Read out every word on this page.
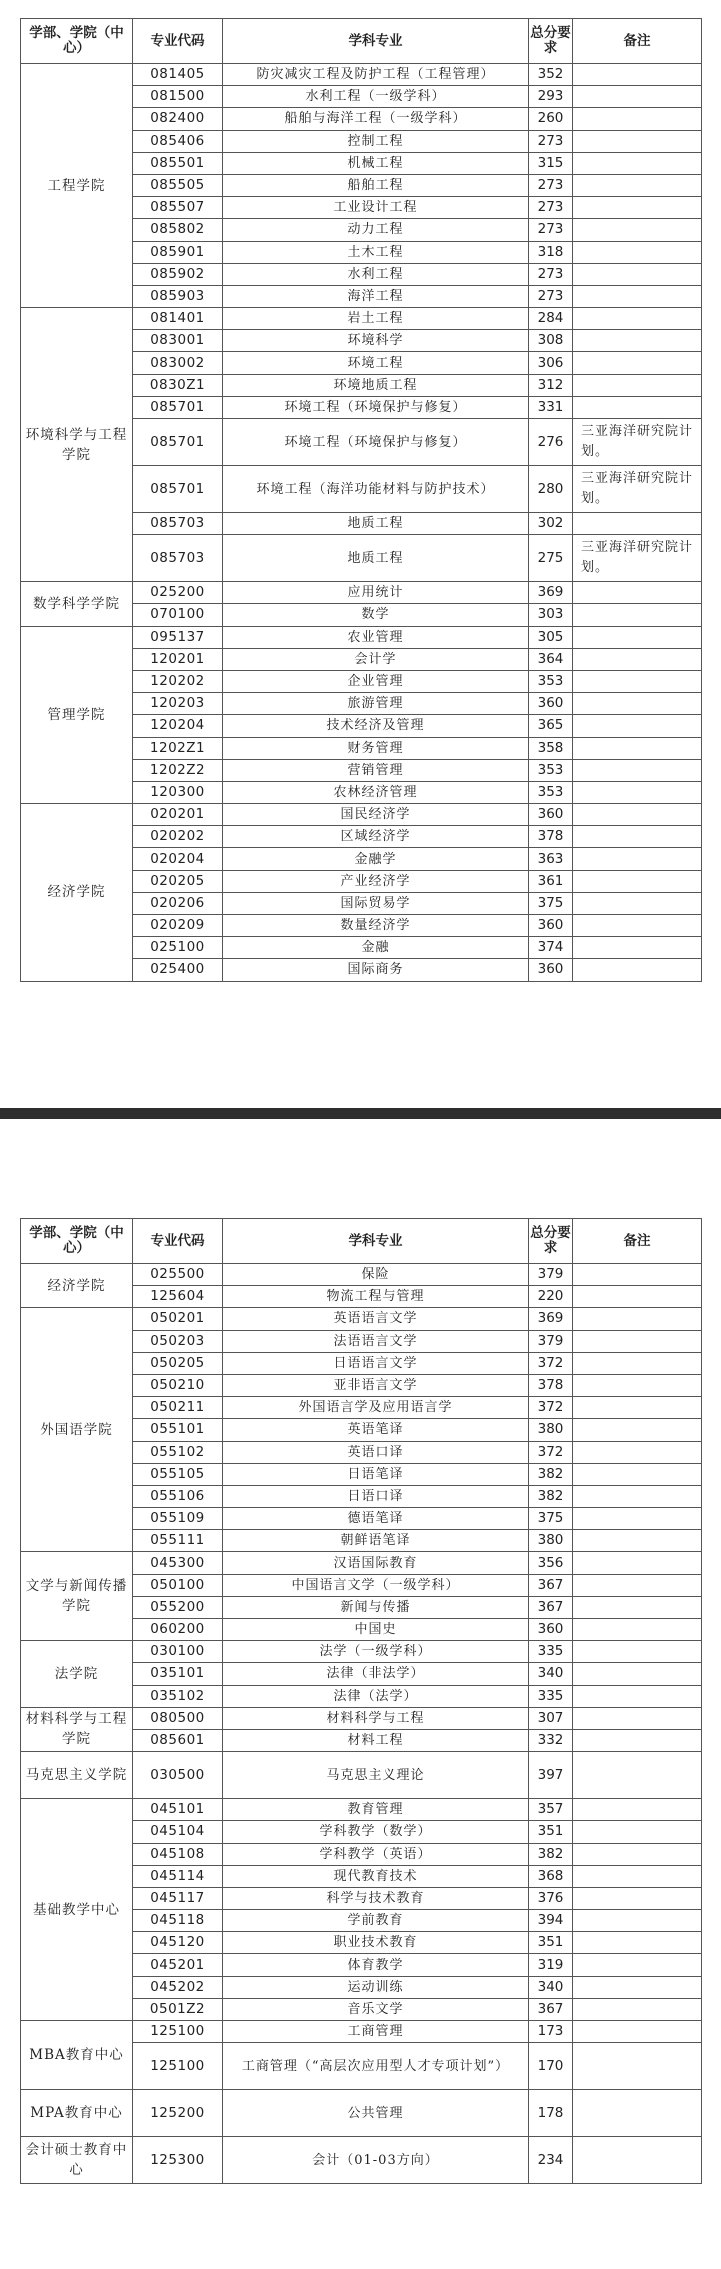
学部、学院（中心）	专业代码	学科专业	总分要求	备注
工程学院	081405	防灾减灾工程及防护工程（工程管理）	352	
	081500	水利工程（一级学科）	293	
	082400	船舶与海洋工程（一级学科）	260	
	085406	控制工程	273	
	085501	机械工程	315	
	085505	船舶工程	273	
	085507	工业设计工程	273	
	085802	动力工程	273	
	085901	土木工程	318	
	085902	水利工程	273	
	085903	海洋工程	273	
环境科学与工程学院	081401	岩土工程	284	
	083001	环境科学	308	
	083002	环境工程	306	
	0830Z1	环境地质工程	312	
	085701	环境工程（环境保护与修复）	331	
	085701	环境工程（环境保护与修复）	276	三亚海洋研究院计划。
	085701	环境工程（海洋功能材料与防护技术）	280	三亚海洋研究院计划。
	085703	地质工程	302	
	085703	地质工程	275	三亚海洋研究院计划。
数学科学学院	025200	应用统计	369	
	070100	数学	303	
管理学院	095137	农业管理	305	
	120201	会计学	364	
	120202	企业管理	353	
	120203	旅游管理	360	
	120204	技术经济及管理	365	
	1202Z1	财务管理	358	
	1202Z2	营销管理	353	
	120300	农林经济管理	353	
经济学院	020201	国民经济学	360	
	020202	区域经济学	378	
	020204	金融学	363	
	020205	产业经济学	361	
	020206	国际贸易学	375	
	020209	数量经济学	360	
	025100	金融	374	
	025400	国际商务	360	
学部、学院（中心）	专业代码	学科专业	总分要求	备注
经济学院	025500	保险	379	
	125604	物流工程与管理	220	
外国语学院	050201	英语语言文学	369	
	050203	法语语言文学	379	
	050205	日语语言文学	372	
	050210	亚非语言文学	378	
	050211	外国语言学及应用语言学	372	
	055101	英语笔译	380	
	055102	英语口译	372	
	055105	日语笔译	382	
	055106	日语口译	382	
	055109	德语笔译	375	
	055111	朝鲜语笔译	380	
文学与新闻传播学院	045300	汉语国际教育	356	
	050100	中国语言文学（一级学科）	367	
	055200	新闻与传播	367	
	060200	中国史	360	
法学院	030100	法学（一级学科）	335	
	035101	法律（非法学）	340	
	035102	法律（法学）	335	
材料科学与工程学院	080500	材料科学与工程	307	
	085601	材料工程	332	
马克思主义学院	030500	马克思主义理论	397	
基础教学中心	045101	教育管理	357	
	045104	学科教学（数学）	351	
	045108	学科教学（英语）	382	
	045114	现代教育技术	368	
	045117	科学与技术教育	376	
	045118	学前教育	394	
	045120	职业技术教育	351	
	045201	体育教学	319	
	045202	运动训练	340	
	0501Z2	音乐文学	367	
MBA教育中心	125100	工商管理	173	
	125100	工商管理（“高层次应用型人才专项计划”）	170	
MPA教育中心	125200	公共管理	178	
会计硕士教育中心	125300	会计（01-03方向）	234	
